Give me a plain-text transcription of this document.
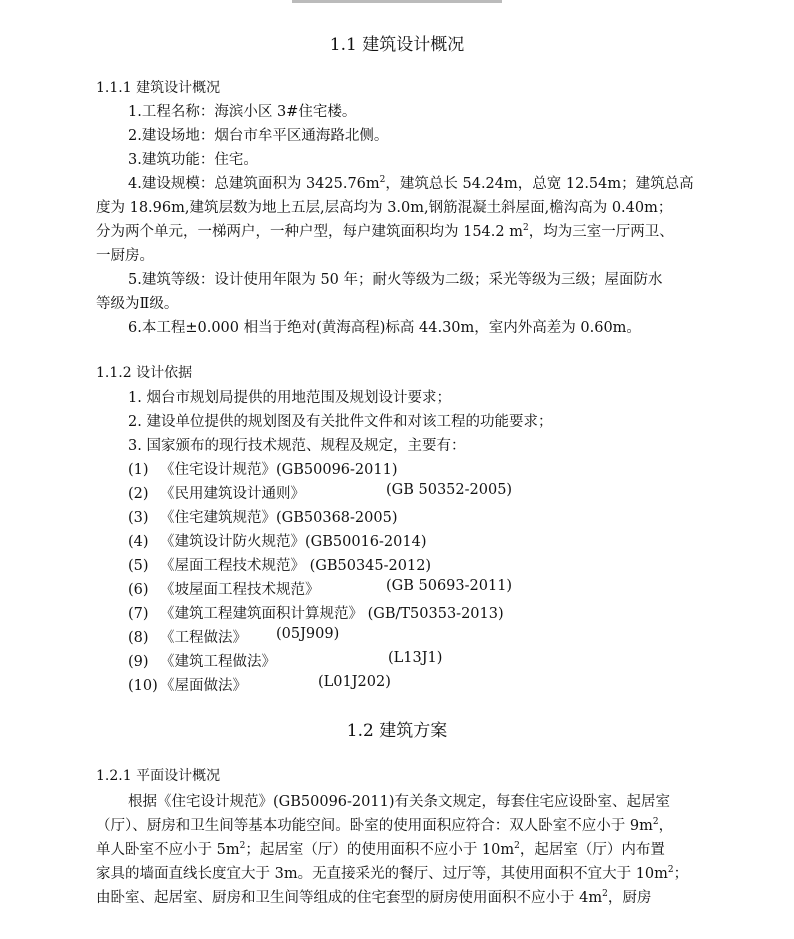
1.1 建筑设计概况
1.1.1 建筑设计概况
1.工程名称：海滨小区 3#住宅楼。
2.建设场地：烟台市牟平区通海路北侧。
3.建筑功能：住宅。
4.建设规模：总建筑面积为 $3425.76m^2$，建筑总长 54.24m，总宽 12.54m；建筑总高
度为 18.96m,建筑层数为地上五层,层高均为 3.0m,钢筋混凝土斜屋面,檐沟高为 0.40m；
分为两个单元，一梯两户，一种户型，每户建筑面积均为 154.2 $m^2$，均为三室一厅两卫、
一厨房。
5.建筑等级：设计使用年限为 50 年；耐火等级为二级；采光等级为三级；屋面防水
等级为Ⅱ级。
6.本工程±0.000 相当于绝对(黄海高程)标高 44.30m，室内外高差为 0.60m。
1.1.2 设计依据
1. 烟台市规划局提供的用地范围及规划设计要求；
2. 建设单位提供的规划图及有关批件文件和对该工程的功能要求；
3. 国家颁布的现行技术规范、规程及规定，主要有：
(1) 《住宅设计规范》(GB50096-2011)
(2) 《民用建筑设计通则》	(GB 50352-2005)
(3) 《住宅建筑规范》(GB50368-2005)
(4) 《建筑设计防火规范》(GB50016-2014)
(5) 《屋面工程技术规范》 (GB50345-2012)
(6) 《坡屋面工程技术规范》	(GB 50693-2011)
(7) 《建筑工程建筑面积计算规范》 (GB/T50353-2013)
(8) 《工程做法》 (05J909)
(9) 《建筑工程做法》	(L13J1)
(10) 《屋面做法》	(L01J202)
1.2 建筑方案
1.2.1 平面设计概况
根据《住宅设计规范》(GB50096-2011)有关条文规定，每套住宅应设卧室、起居室
（厅）、厨房和卫生间等基本功能空间。卧室的使用面积应符合：双人卧室不应小于 $9m^2$，
单人卧室不应小于 $5m^2$；起居室（厅）的使用面积不应小于 $10m^2$，起居室（厅）内布置
家具的墙面直线长度宜大于 3m。无直接采光的餐厅、过厅等，其使用面积不宜大于 $10m^2$；
由卧室、起居室、厨房和卫生间等组成的住宅套型的厨房使用面积不应小于 $4m^2$，厨房
